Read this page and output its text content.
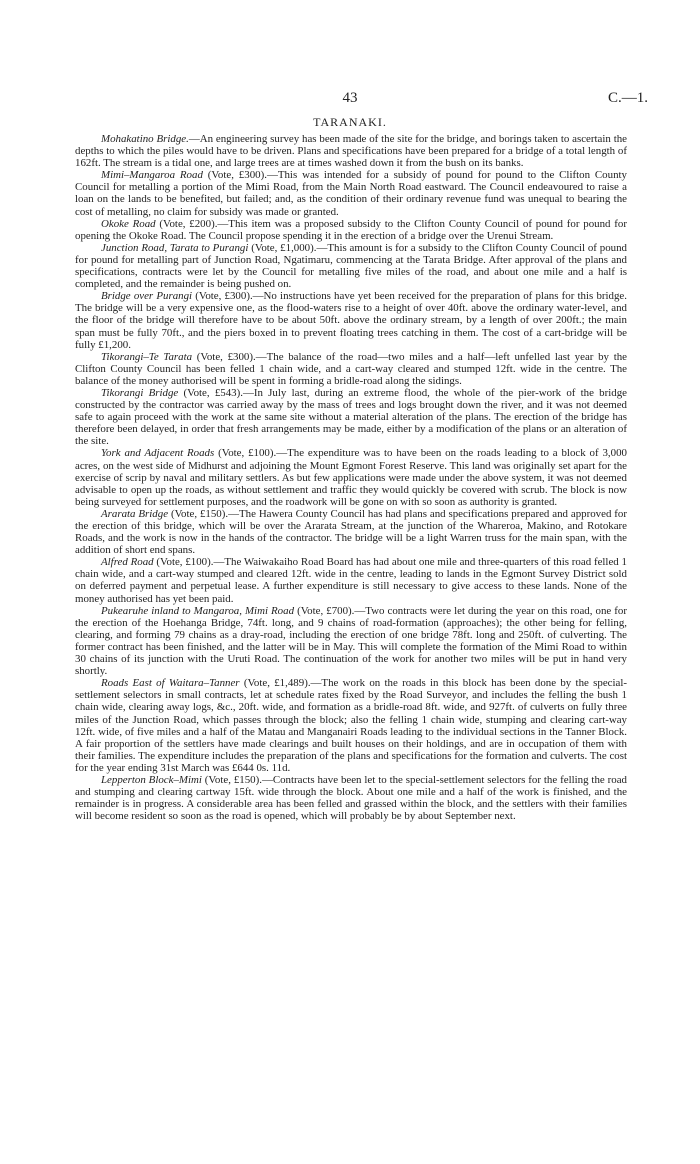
43	C.—1.
TARANAKI.

Mohakatino Bridge.—An engineering survey has been made of the site for the bridge, and borings taken to ascertain the depths to which the piles would have to be driven. Plans and specifications have been prepared for a bridge of a total length of 162ft. The stream is a tidal one, and large trees are at times washed down it from the bush on its banks.

Mimi–Mangaroa Road (Vote, £300).—This was intended for a subsidy of pound for pound to the Clifton County Council for metalling a portion of the Mimi Road, from the Main North Road eastward. The Council endeavoured to raise a loan on the lands to be benefited, but failed; and, as the condition of their ordinary revenue fund was unequal to bearing the cost of metalling, no claim for subsidy was made or granted.

Okoke Road (Vote, £200).—This item was a proposed subsidy to the Clifton County Council of pound for pound for opening the Okoke Road. The Council propose spending it in the erection of a bridge over the Urenui Stream.

Junction Road, Tarata to Purangi (Vote, £1,000).—This amount is for a subsidy to the Clifton County Council of pound for pound for metalling part of Junction Road, Ngatimaru, commencing at the Tarata Bridge. After approval of the plans and specifications, contracts were let by the Council for metalling five miles of the road, and about one mile and a half is completed, and the remainder is being pushed on.

Bridge over Purangi (Vote, £300).—No instructions have yet been received for the preparation of plans for this bridge. The bridge will be a very expensive one, as the flood-waters rise to a height of over 40ft. above the ordinary water-level, and the floor of the bridge will therefore have to be about 50ft. above the ordinary stream, by a length of over 200ft.; the main span must be fully 70ft., and the piers boxed in to prevent floating trees catching in them. The cost of a cart-bridge will be fully £1,200.

Tikorangi–Te Tarata (Vote, £300).—The balance of the road—two miles and a half—left unfelled last year by the Clifton County Council has been felled 1 chain wide, and a cart-way cleared and stumped 12ft. wide in the centre. The balance of the money authorised will be spent in forming a bridle-road along the sidings.

Tikorangi Bridge (Vote, £543).—In July last, during an extreme flood, the whole of the pier-work of the bridge constructed by the contractor was carried away by the mass of trees and logs brought down the river, and it was not deemed safe to again proceed with the work at the same site without a material alteration of the plans. The erection of the bridge has therefore been delayed, in order that fresh arrangements may be made, either by a modification of the plans or an alteration of the site.

York and Adjacent Roads (Vote, £100).—The expenditure was to have been on the roads leading to a block of 3,000 acres, on the west side of Midhurst and adjoining the Mount Egmont Forest Reserve. This land was originally set apart for the exercise of scrip by naval and military settlers. As but few applications were made under the above system, it was not deemed advisable to open up the roads, as without settlement and traffic they would quickly be covered with scrub. The block is now being surveyed for settlement purposes, and the roadwork will be gone on with so soon as authority is granted.

Ararata Bridge (Vote, £150).—The Hawera County Council has had plans and specifications prepared and approved for the erection of this bridge, which will be over the Ararata Stream, at the junction of the Whareroa, Makino, and Rotokare Roads, and the work is now in the hands of the contractor. The bridge will be a light Warren truss for the main span, with the addition of short end spans.

Alfred Road (Vote, £100).—The Waiwakaiho Road Board has had about one mile and three-quarters of this road felled 1 chain wide, and a cart-way stumped and cleared 12ft. wide in the centre, leading to lands in the Egmont Survey District sold on deferred payment and perpetual lease. A further expenditure is still necessary to give access to these lands. None of the money authorised has yet been paid.

Pukearuhe inland to Mangaroa, Mimi Road (Vote, £700).—Two contracts were let during the year on this road, one for the erection of the Hoehanga Bridge, 74ft. long, and 9 chains of road-formation (approaches); the other being for felling, clearing, and forming 79 chains as a dray-road, including the erection of one bridge 78ft. long and 250ft. of culverting. The former contract has been finished, and the latter will be in May. This will complete the formation of the Mimi Road to within 30 chains of its junction with the Uruti Road. The continuation of the work for another two miles will be put in hand very shortly.

Roads East of Waitara–Tanner (Vote, £1,489).—The work on the roads in this block has been done by the special-settlement selectors in small contracts, let at schedule rates fixed by the Road Surveyor, and includes the felling the bush 1 chain wide, clearing away logs, &c., 20ft. wide, and formation as a bridle-road 8ft. wide, and 927ft. of culverts on fully three miles of the Junction Road, which passes through the block; also the felling 1 chain wide, stumping and clearing cart-way 12ft. wide, of five miles and a half of the Matau and Manganairi Roads leading to the individual sections in the Tanner Block. A fair proportion of the settlers have made clearings and built houses on their holdings, and are in occupation of them with their families. The expenditure includes the preparation of the plans and specifications for the formation and culverts. The cost for the year ending 31st March was £644 0s. 11d.

Lepperton Block–Mimi (Vote, £150).—Contracts have been let to the special-settlement selectors for the felling the road and stumping and clearing cartway 15ft. wide through the block. About one mile and a half of the work is finished, and the remainder is in progress. A considerable area has been felled and grassed within the block, and the settlers with their families will become resident so soon as the road is opened, which will probably be by about September next.
